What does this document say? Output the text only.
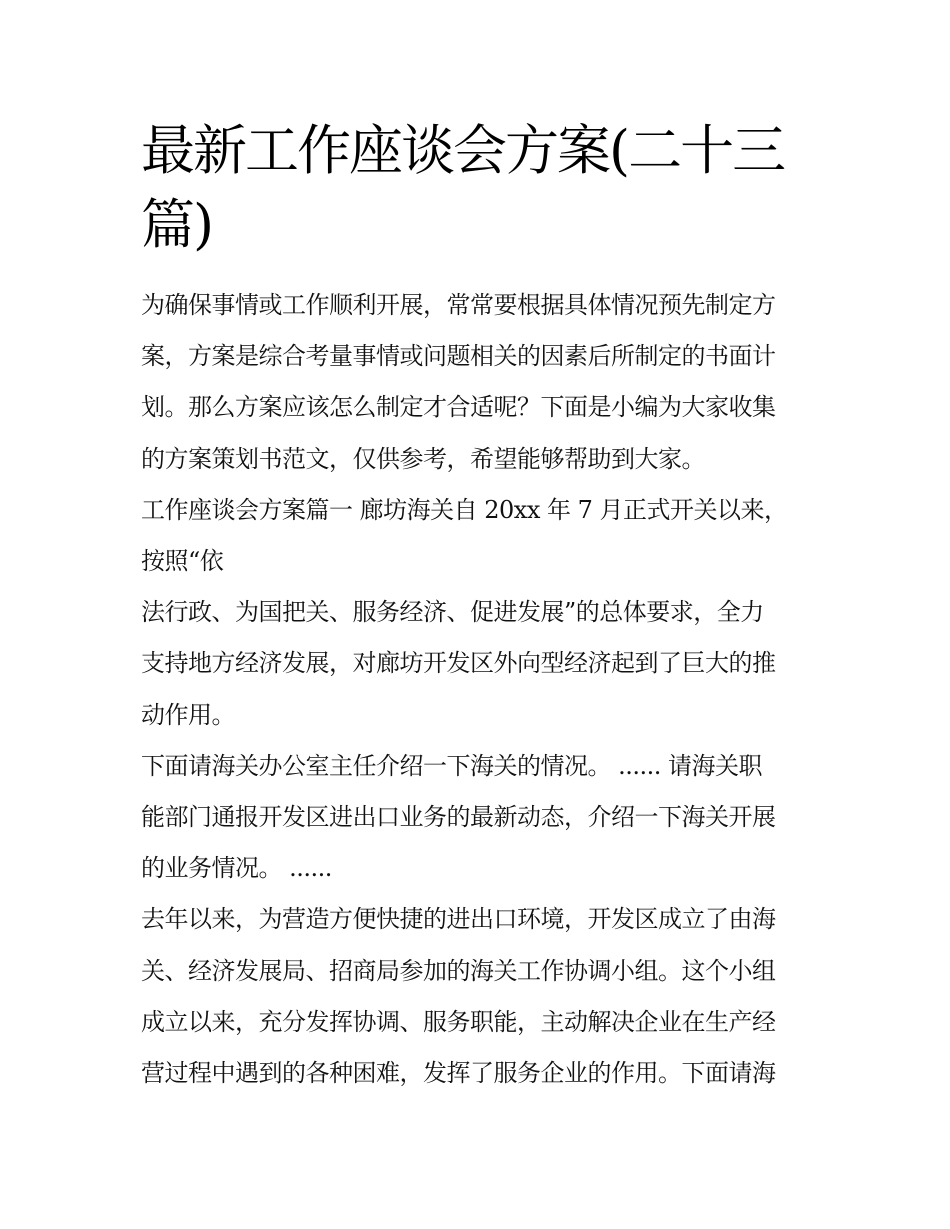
最新工作座谈会方案(二十三 篇)

为确保事情或工作顺利开展，常常要根据具体情况预先制定方
案，方案是综合考量事情或问题相关的因素后所制定的书面计
划。那么方案应该怎么制定才合适呢？下面是小编为大家收集
的方案策划书范文，仅供参考，希望能够帮助到大家。

工作座谈会方案篇一 廊坊海关自 20xx 年 7 月正式开关以来，
按照“依

法行政、为国把关、服务经济、促进发展”的总体要求，全力
支持地方经济发展，对廊坊开发区外向型经济起到了巨大的推
动作用。

下面请海关办公室主任介绍一下海关的情况。 ...... 请海关职
能部门通报开发区进出口业务的最新动态，介绍一下海关开展
的业务情况。 ......

去年以来，为营造方便快捷的进出口环境，开发区成立了由海
关、经济发展局、招商局参加的海关工作协调小组。这个小组
成立以来，充分发挥协调、服务职能，主动解决企业在生产经
营过程中遇到的各种困难，发挥了服务企业的作用。下面请海
